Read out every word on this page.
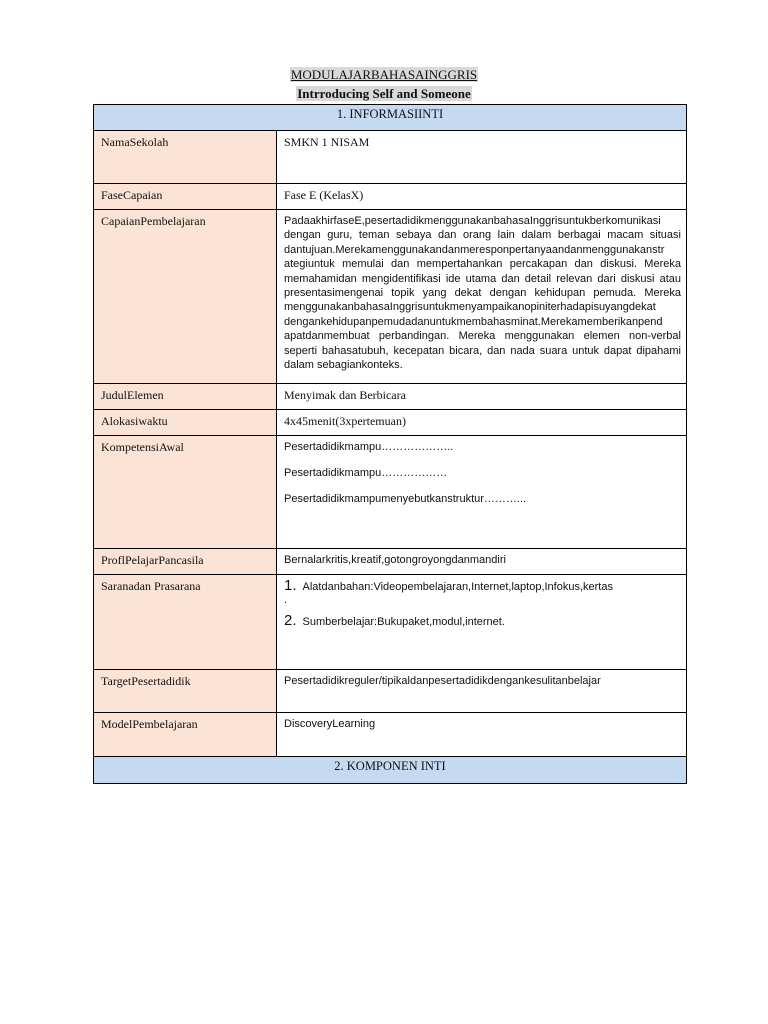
MODULAJARBAHASAINGGRIS
Intrroducing Self and Someone
1. INFORMASIINTI	
NamaSekolah	SMKN 1 NISAM
FaseCapaian	Fase E (KelasX)
CapaianPembelajaran	PadaakhirfaseE,pesertadidikmenggunakanbahasaInggrisuntukberkomunikasi dengan guru, teman sebaya dan orang lain dalam berbagai macam situasi dantujuan.Merekamenggunakandanmeresponpertanyaandanmenggunakanstr ategiuntuk memulai dan mempertahankan percakapan dan diskusi. Mereka memahamidan mengidentifikasi ide utama dan detail relevan dari diskusi atau presentasimengenai topik yang dekat dengan kehidupan pemuda. Mereka menggunakanbahasaInggrisuntukmenyampaikanopiniterhadapisuyangdekat dengankehidupanpemudadanuntukmembahasminat.Merekamemberikanpend apatdanmembuat perbandingan. Mereka menggunakan elemen non-verbal seperti bahasatubuh, kecepatan bicara, dan nada suara untuk dapat dipahami dalam sebagiankonteks.
JudulElemen	Menyimak dan Berbicara
Alokasiwaktu	4x45menit(3xpertemuan)
KompetensiAwal	Pesertadidikmampu………………..

Pesertadidikmampu………………

Pesertadidikmampumenyebutkanstruktur………...

ProflPelajarPancasila	Bernalarkritis,kreatif,gotongroyongdanmandiri
Saranadan Prasarana	1. Alatdanbahan:Videopembelajaran,Internet,laptop,Infokus,kertas
.
2. Sumberbelajar:Bukupaket,modul,internet.

TargetPesertadidik	Pesertadidikreguler/tipikaldanpesertadidikdengankesulitanbelajar
ModelPembelajaran	DiscoveryLearning
2. KOMPONEN INTI	
